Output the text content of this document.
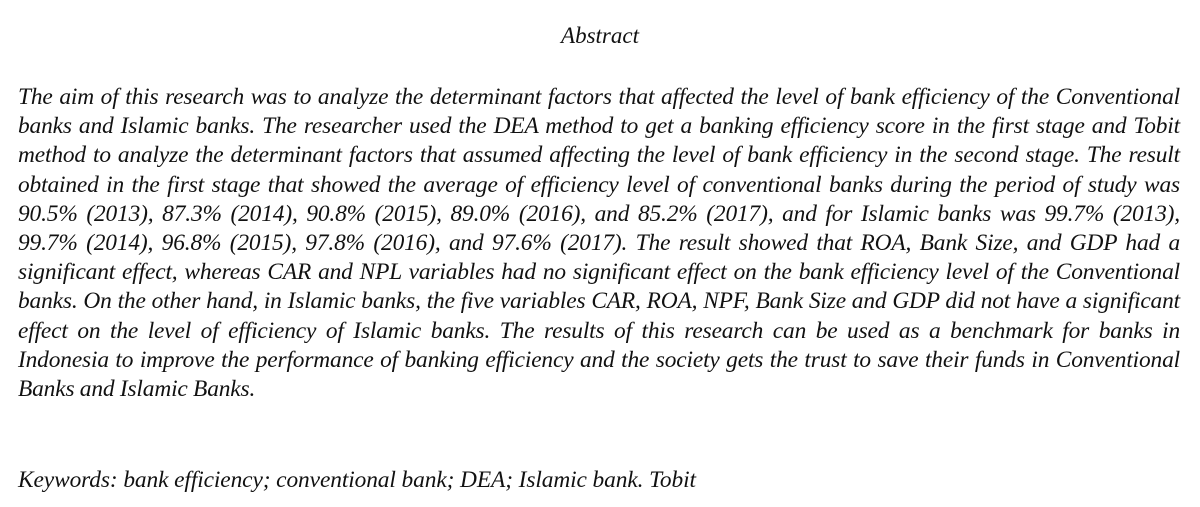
Abstract

The aim of this research was to analyze the determinant factors that affected the level of bank efficiency of the Conventional banks and Islamic banks. The researcher used the DEA method to get a banking efficiency score in the first stage and Tobit method to analyze the determinant factors that assumed affecting the level of bank efficiency in the second stage. The result obtained in the first stage that showed the average of efficiency level of conventional banks during the period of study was 90.5% (2013), 87.3% (2014), 90.8% (2015), 89.0% (2016), and 85.2% (2017), and for Islamic banks was 99.7% (2013), 99.7% (2014), 96.8% (2015), 97.8% (2016), and 97.6% (2017). The result showed that ROA, Bank Size, and GDP had a significant effect, whereas CAR and NPL variables had no significant effect on the bank efficiency level of the Conventional banks. On the other hand, in Islamic banks, the five variables CAR, ROA, NPF, Bank Size and GDP did not have a significant effect on the level of efficiency of Islamic banks. The results of this research can be used as a benchmark for banks in Indonesia to improve the performance of banking efficiency and the society gets the trust to save their funds in Conventional Banks and Islamic Banks.

Keywords: bank efficiency; conventional bank; DEA; Islamic bank. Tobit
